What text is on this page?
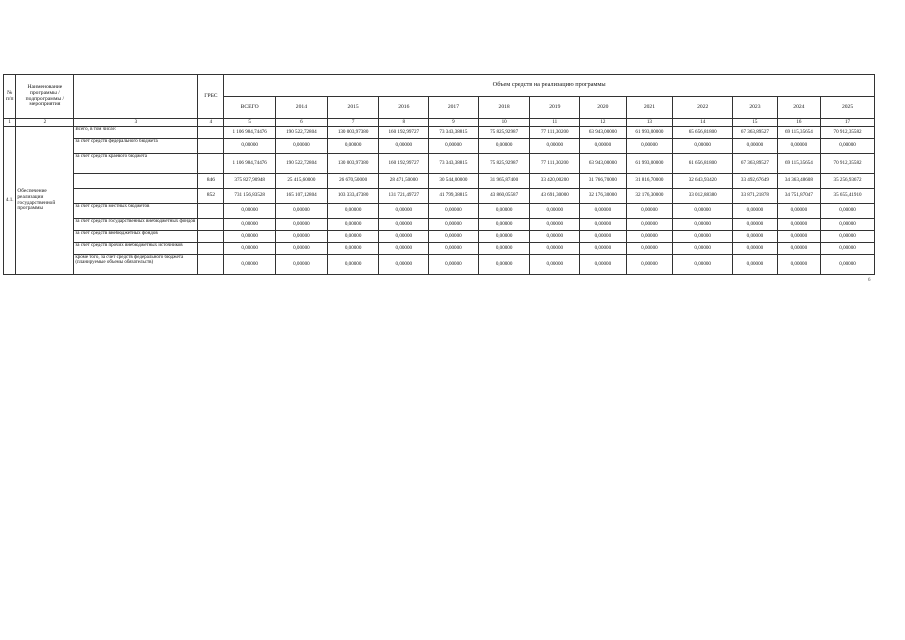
№ п/п	Наименование программы / подпрограммы / мероприятия		ГРБС	Объем средств на реализацию программы												
				ВСЕГО	2014	2015	2016	2017	2018	2019	2020	2021	2022	2023	2024	2025
1	2	3	4	5	6	7	8	9	10	11	12	13	14	15	16	17
4.1.	Обеспечение реализации государственной программы	Всего, в том числе:		1 106 984,74476	190 522,72804	130 003,97380	160 192,99727	73 343,38815	75 825,92987	77 111,30200	63 943,00000	61 993,00000	65 656,81800	67 363,89527	69 115,35654	70 912,35582
		за счет средств федерального бюджета		0,00000	0,00000	0,00000	0,00000	0,00000	0,00000	0,00000	0,00000	0,00000	0,00000	0,00000	0,00000	0,00000
		за счет средств краевого бюджета		1 106 984,74476	190 522,72804	130 003,97380	160 192,99727	73 343,38815	75 825,92987	77 111,30200	63 943,00000	61 993,00000	61 656,81800	67 363,89527	69 115,35654	70 912,35582
			846	375 827,90948	25 415,60000	26 670,50000	28 471,50000	30 544,00000	31 965,87400	33 420,00200	31 766,70000	31 816,70000	32 643,93420	33 492,67649	34 363,48608	35 256,93672
			852	731 156,83528	165 107,12804	103 333,47380	131 721,49727	41 799,38815	43 860,05587	43 691,30000	32 176,30000	32 176,30000	33 012,88380	33 871,21878	34 751,87047	35 655,41910
		за счет средств местных бюджетов		0,00000	0,00000	0,00000	0,00000	0,00000	0,00000	0,00000	0,00000	0,00000	0,00000	0,00000	0,00000	0,00000
		за счет средств государственных внебюджетных фондов		0,00000	0,00000	0,00000	0,00000	0,00000	0,00000	0,00000	0,00000	0,00000	0,00000	0,00000	0,00000	0,00000
		за счет средств внебюджетных фондов		0,00000	0,00000	0,00000	0,00000	0,00000	0,00000	0,00000	0,00000	0,00000	0,00000	0,00000	0,00000	0,00000
		за счет средств прочих внебюджетных источников		0,00000	0,00000	0,00000	0,00000	0,00000	0,00000	0,00000	0,00000	0,00000	0,00000	0,00000	0,00000	0,00000
		кроме того, за счет средств федерального бюджета (планируемые объемы обязательств)		0,00000	0,00000	0,00000	0,00000	0,00000	0,00000	0,00000	0,00000	0,00000	0,00000	0,00000	0,00000	0,00000
6
